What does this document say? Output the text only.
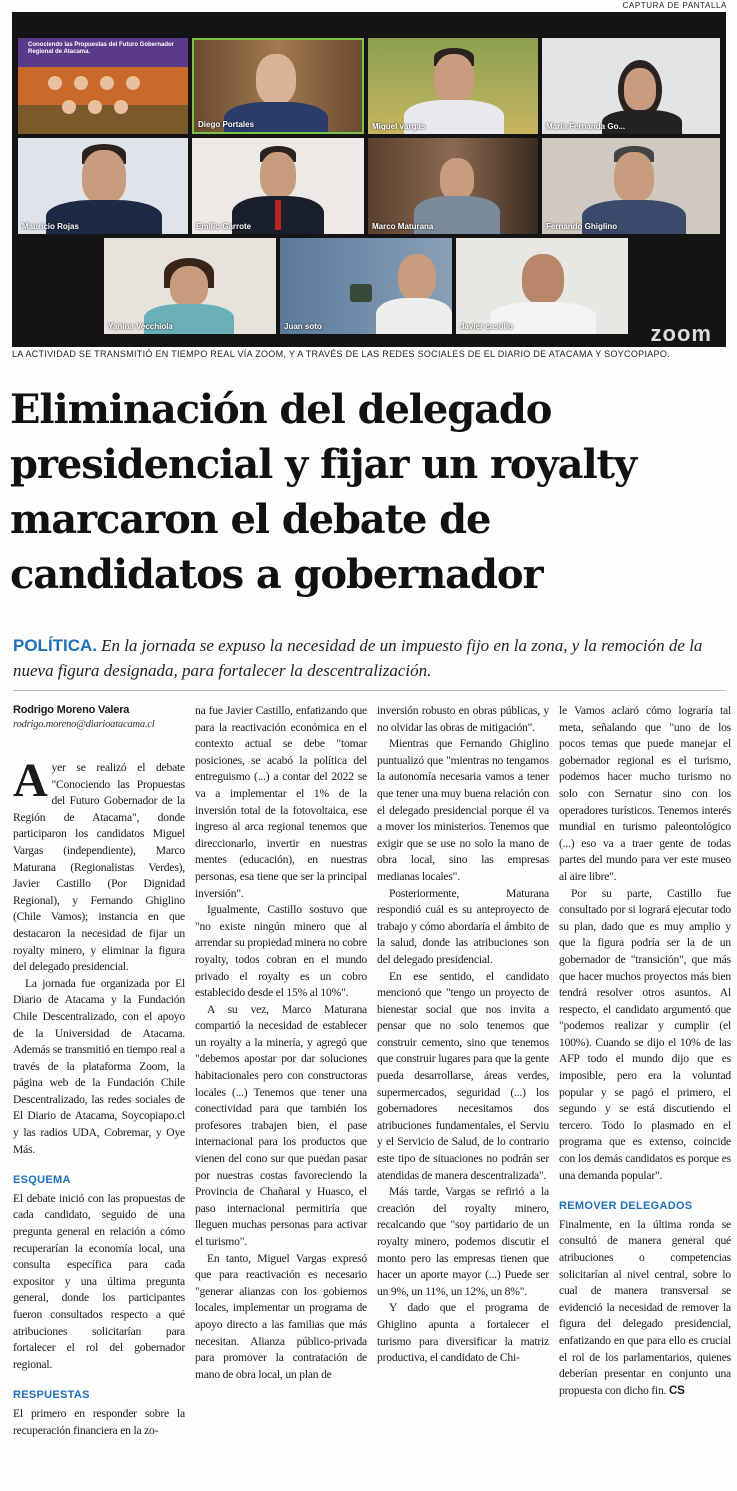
CAPTURA DE PANTALLA
Conociendo las Propuestas del Futuro Gobernador Regional de Atacama.
Diego Portales	Miguel vargas	María Fernanda Go...
Mauricio Rojas	Emilio Garrote	Marco Maturana	Fernando Ghiglino
Yanina Vecchiola	Juan soto	Javier castillo	zoom
LA ACTIVIDAD SE TRANSMITIÓ EN TIEMPO REAL VÍA ZOOM, Y A TRAVÉS DE LAS REDES SOCIALES DE EL DIARIO DE ATACAMA Y SOYCOPIAPO.
Eliminación del delegado presidencial y fijar un royalty marcaron el debate de candidatos a gobernador
POLÍTICA. En la jornada se expuso la necesidad de un impuesto fijo en la zona, y la remoción de la nueva figura designada, para fortalecer la descentralización.
Rodrigo Moreno Valera
rodrigo.moreno@diarioatacama.cl

Ayer se realizó el debate "Conociendo las Propuestas del Futuro Gobernador de la Región de Atacama", donde participaron los candidatos Miguel Vargas (independiente), Marco Maturana (Regionalistas Verdes), Javier Castillo (Por Dignidad Regional), y Fernando Ghiglino (Chile Vamos); instancia en que destacaron la necesidad de fijar un royalty minero, y eliminar la figura del delegado presidencial.

La jornada fue organizada por El Diario de Atacama y la Fundación Chile Descentralizado, con el apoyo de la Universidad de Atacama. Además se transmitió en tiempo real a través de la plataforma Zoom, la página web de la Fundación Chile Descentralizado, las redes sociales de El Diario de Atacama, Soycopiapo.cl y las radios UDA, Cobremar, y Oye Más.

ESQUEMA

El debate inició con las propuestas de cada candidato, seguido de una pregunta general en relación a cómo recuperarían la economía local, una consulta específica para cada expositor y una última pregunta general, donde los participantes fueron consultados respecto a qué atribuciones solicitarían para fortalecer el rol del gobernador regional.

RESPUESTAS

El primero en responder sobre la recuperación financiera en la zo-

na fue Javier Castillo, enfatizando que para la reactivación económica en el contexto actual se debe "tomar posiciones, se acabó la política del entreguismo (...) a contar del 2022 se va a implementar el 1% de la inversión total de la fotovoltaica, ese ingreso al arca regional tenemos que direccionarlo, invertir en nuestras mentes (educación), en nuestras personas, esa tiene que ser la principal inversión".

Igualmente, Castillo sostuvo que "no existe ningún minero que al arrendar su propiedad minera no cobre royalty, todos cobran en el mundo privado el royalty es un cobro establecido desde el 15% al 10%".

A su vez, Marco Maturana compartió la necesidad de establecer un royalty a la minería, y agregó que "debemos apostar por dar soluciones habitacionales pero con constructoras locales (...) Tenemos que tener una conectividad para que también los profesores trabajen bien, el pase internacional para los productos que vienen del cono sur que puedan pasar por nuestras costas favoreciendo la Provincia de Chañaral y Huasco, el paso internacional permitiría que lleguen muchas personas para activar el turismo".

En tanto, Miguel Vargas expresó que para reactivación es necesario "generar alianzas con los gobiernos locales, implementar un programa de apoyo directo a las familias que más necesitan. Alianza público-privada para promover la contratación de mano de obra local, un plan de

inversión robusto en obras públicas, y no olvidar las obras de mitigación".

Mientras que Fernando Ghiglino puntualizó que "mientras no tengamos la autonomía necesaria vamos a tener que tener una muy buena relación con el delegado presidencial porque él va a mover los ministerios. Tenemos que exigir que se use no solo la mano de obra local, sino las empresas medianas locales".

Posteriormente, Maturana respondió cuál es su anteproyecto de trabajo y cómo abordaría el ámbito de la salud, donde las atribuciones son del delegado presidencial.

En ese sentido, el candidato mencionó que "tengo un proyecto de bienestar social que nos invita a pensar que no solo tenemos que construir cemento, sino que tenemos que construir lugares para que la gente pueda desarrollarse, áreas verdes, supermercados, seguridad (...) los gobernadores necesitamos dos atribuciones fundamentales, el Serviu y el Servicio de Salud, de lo contrario este tipo de situaciones no podrán ser atendidas de manera descentralizada".

Más tarde, Vargas se refirió a la creación del royalty minero, recalcando que "soy partidario de un royalty minero, podemos discutir el monto pero las empresas tienen que hacer un aporte mayor (...) Puede ser un 9%, un 11%, un 12%, un 8%".

Y dado que el programa de Ghiglino apunta a fortalecer el turismo para diversificar la matriz productiva, el candidato de Chi-

le Vamos aclaró cómo lograría tal meta, señalando que "uno de los pocos temas que puede manejar el gobernador regional es el turismo, podemos hacer mucho turismo no solo con Sernatur sino con los operadores turísticos. Tenemos interés mundial en turismo paleontológico (...) eso va a traer gente de todas partes del mundo para ver este museo al aire libre".

Por su parte, Castillo fue consultado por si logrará ejecutar todo su plan, dado que es muy amplio y que la figura podría ser la de un gobernador de "transición", que más que hacer muchos proyectos más bien tendrá resolver otros asuntos. Al respecto, el candidato argumentó que "podemos realizar y cumplir (el 100%). Cuando se dijo el 10% de las AFP todo el mundo dijo que es imposible, pero era la voluntad popular y se pagó el primero, el segundo y se está discutiendo el tercero. Todo lo plasmado en el programa que es extenso, coincide con los demás candidatos es porque es una demanda popular".

REMOVER DELEGADOS

Finalmente, en la última ronda se consultó de manera general qué atribuciones o competencias solicitarían al nivel central, sobre lo cual de manera transversal se evidenció la necesidad de remover la figura del delegado presidencial, enfatizando en que para ello es crucial el rol de los parlamentarios, quienes deberían presentar en conjunto una propuesta con dicho fin. CS
